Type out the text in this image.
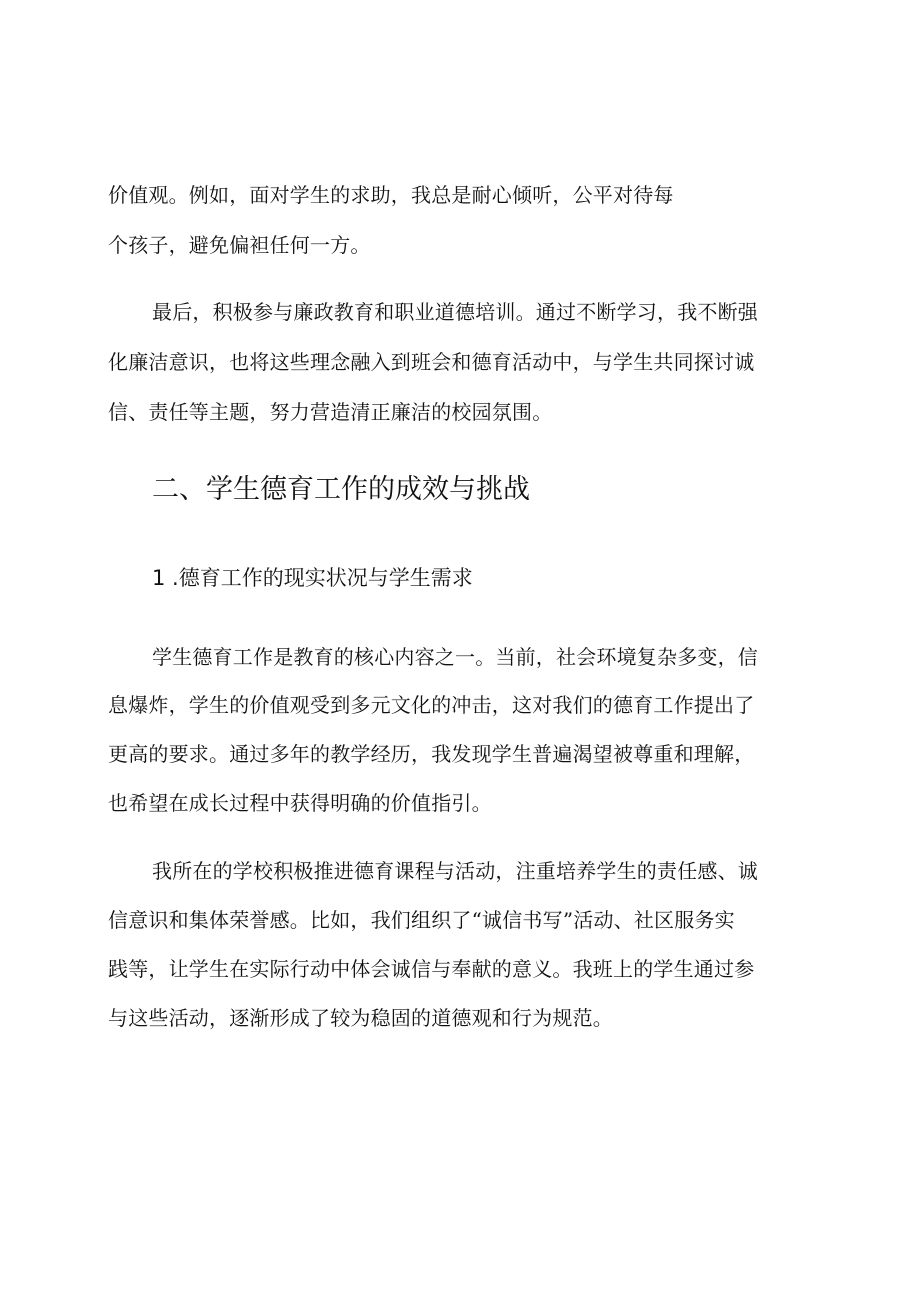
价值观。例如，面对学生的求助，我总是耐心倾听，公平对待每
个孩子，避免偏袒任何一方。
最后，积极参与廉政教育和职业道德培训。通过不断学习，我不断强
化廉洁意识，也将这些理念融入到班会和德育活动中，与学生共同探讨诚
信、责任等主题，努力营造清正廉洁的校园氛围。
二、学生德育工作的成效与挑战
1 .德育工作的现实状况与学生需求
学生德育工作是教育的核心内容之一。当前，社会环境复杂多变，信
息爆炸，学生的价值观受到多元文化的冲击，这对我们的德育工作提出了
更高的要求。通过多年的教学经历，我发现学生普遍渴望被尊重和理解，
也希望在成长过程中获得明确的价值指引。
我所在的学校积极推进德育课程与活动，注重培养学生的责任感、诚
信意识和集体荣誉感。比如，我们组织了“诚信书写”活动、社区服务实
践等，让学生在实际行动中体会诚信与奉献的意义。我班上的学生通过参
与这些活动，逐渐形成了较为稳固的道德观和行为规范。
